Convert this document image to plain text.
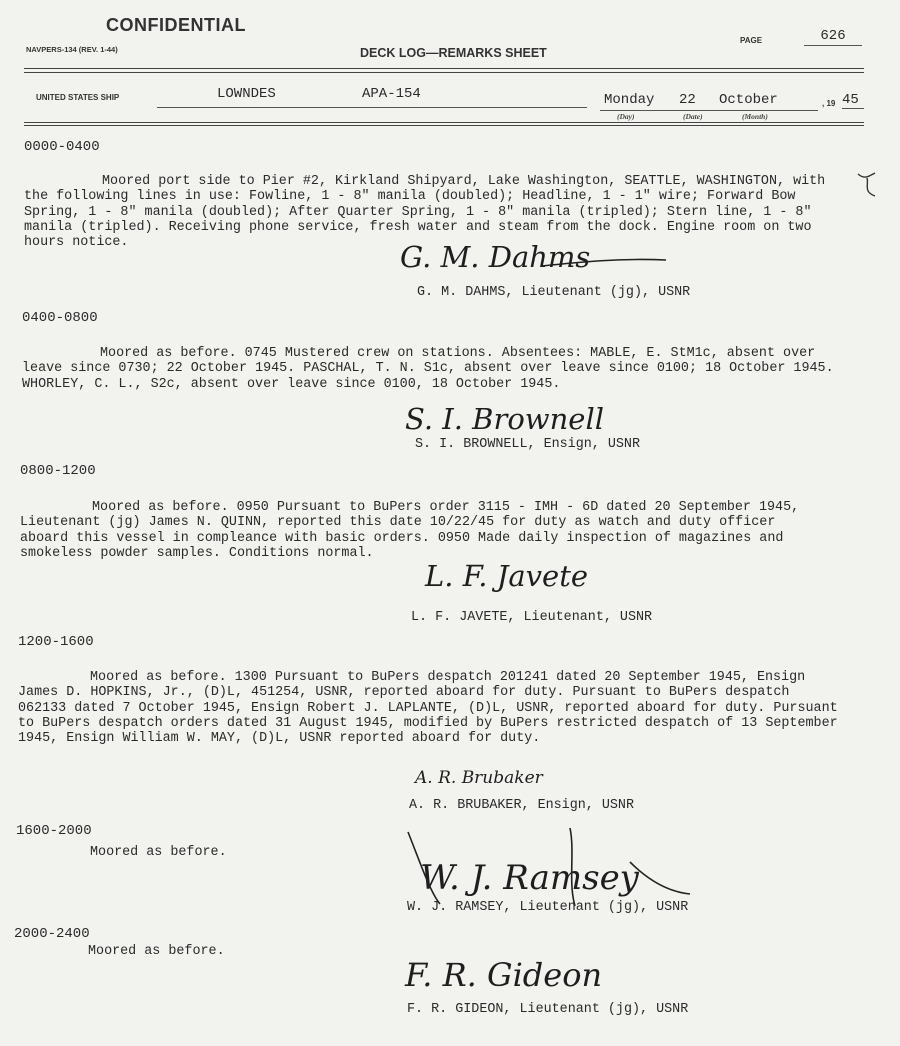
CONFIDENTIAL
NAVPERS-134 (REV. 1-44)	DECK LOG—REMARKS SHEET
PAGE	626
UNITED STATES SHIP	LOWNDES	APA-154	Monday 22 October
(Day)	(Date)	(Month)
, 19 45
0000-0400

Moored port side to Pier #2, Kirkland Shipyard, Lake Washington, SEATTLE, WASHINGTON, with
the following lines in use: Fowline, 1 - 8" manila (doubled); Headline, 1 - 1" wire; Forward Bow
Spring, 1 - 8" manila (doubled); After Quarter Spring, 1 - 8" manila (tripled); Stern line, 1 - 8"
manila (tripled). Receiving phone service, fresh water and steam from the dock. Engine room on two
hours notice.	G. M. Dahms
G. M. DAHMS, Lieutenant (jg), USNR
0400-0800

Moored as before. 0745 Mustered crew on stations. Absentees: MABLE, E. StM1c, absent over
leave since 0730; 22 October 1945. PASCHAL, T. N. S1c, absent over leave since 0100; 18 October 1945.
WHORLEY, C. L., S2c, absent over leave since 0100, 18 October 1945.

S. I. Brownell
S. I. BROWNELL, Ensign, USNR
0800-1200

Moored as before. 0950 Pursuant to BuPers order 3115 - IMH - 6D dated 20 September 1945,
Lieutenant (jg) James N. QUINN, reported this date 10/22/45 for duty as watch and duty officer
aboard this vessel in compleance with basic orders. 0950 Made daily inspection of magazines and
smokeless powder samples. Conditions normal.

L. F. Javete
L. F. JAVETE, Lieutenant, USNR
1200-1600

Moored as before. 1300 Pursuant to BuPers despatch 201241 dated 20 September 1945, Ensign
James D. HOPKINS, Jr., (D)L, 451254, USNR, reported aboard for duty. Pursuant to BuPers despatch
062133 dated 7 October 1945, Ensign Robert J. LAPLANTE, (D)L, USNR, reported aboard for duty. Pursuant
to BuPers despatch orders dated 31 August 1945, modified by BuPers restricted despatch of 13 September
1945, Ensign William W. MAY, (D)L, USNR reported aboard for duty.

A. R. Brubaker
A. R. BRUBAKER, Ensign, USNR
1600-2000
Moored as before.
W. J. Ramsey
W. J. RAMSEY, Lieutenant (jg), USNR
2000-2400
Moored as before.
F. R. Gideon
F. R. GIDEON, Lieutenant (jg), USNR
